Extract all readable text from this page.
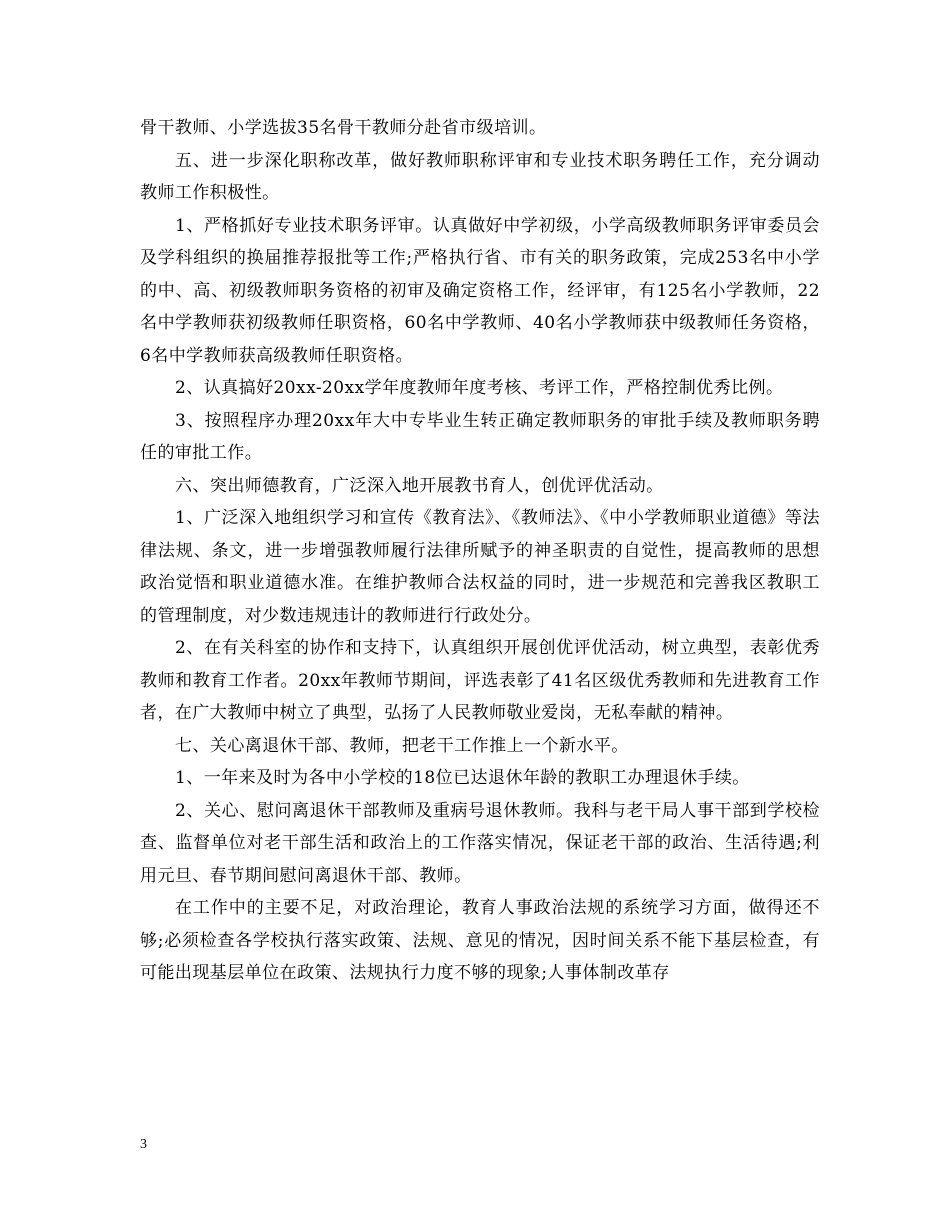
骨干教师、小学选拔35名骨干教师分赴省市级培训。

五、进一步深化职称改革，做好教师职称评审和专业技术职务聘任工作，充分调动教师工作积极性。

1、严格抓好专业技术职务评审。认真做好中学初级，小学高级教师职务评审委员会及学科组织的换届推荐报批等工作;严格执行省、市有关的职务政策，完成253名中小学的中、高、初级教师职务资格的初审及确定资格工作，经评审，有125名小学教师，22名中学教师获初级教师任职资格，60名中学教师、40名小学教师获中级教师任务资格，6名中学教师获高级教师任职资格。

2、认真搞好20xx-20xx学年度教师年度考核、考评工作，严格控制优秀比例。

3、按照程序办理20xx年大中专毕业生转正确定教师职务的审批手续及教师职务聘任的审批工作。

六、突出师德教育，广泛深入地开展教书育人，创优评优活动。

1、广泛深入地组织学习和宣传《教育法》、《教师法》、《中小学教师职业道德》等法律法规、条文，进一步增强教师履行法律所赋予的神圣职责的自觉性，提高教师的思想政治觉悟和职业道德水准。在维护教师合法权益的同时，进一步规范和完善我区教职工的管理制度，对少数违规违计的教师进行行政处分。

2、在有关科室的协作和支持下，认真组织开展创优评优活动，树立典型，表彰优秀教师和教育工作者。20xx年教师节期间，评选表彰了41名区级优秀教师和先进教育工作者，在广大教师中树立了典型，弘扬了人民教师敬业爱岗，无私奉献的精神。

七、关心离退休干部、教师，把老干工作推上一个新水平。

1、一年来及时为各中小学校的18位已达退休年龄的教职工办理退休手续。

2、关心、慰问离退休干部教师及重病号退休教师。我科与老干局人事干部到学校检查、监督单位对老干部生活和政治上的工作落实情况，保证老干部的政治、生活待遇;利用元旦、春节期间慰问离退休干部、教师。

在工作中的主要不足，对政治理论，教育人事政治法规的系统学习方面，做得还不够;必须检查各学校执行落实政策、法规、意见的情况，因时间关系不能下基层检查，有可能出现基层单位在政策、法规执行力度不够的现象;人事体制改革存

3
